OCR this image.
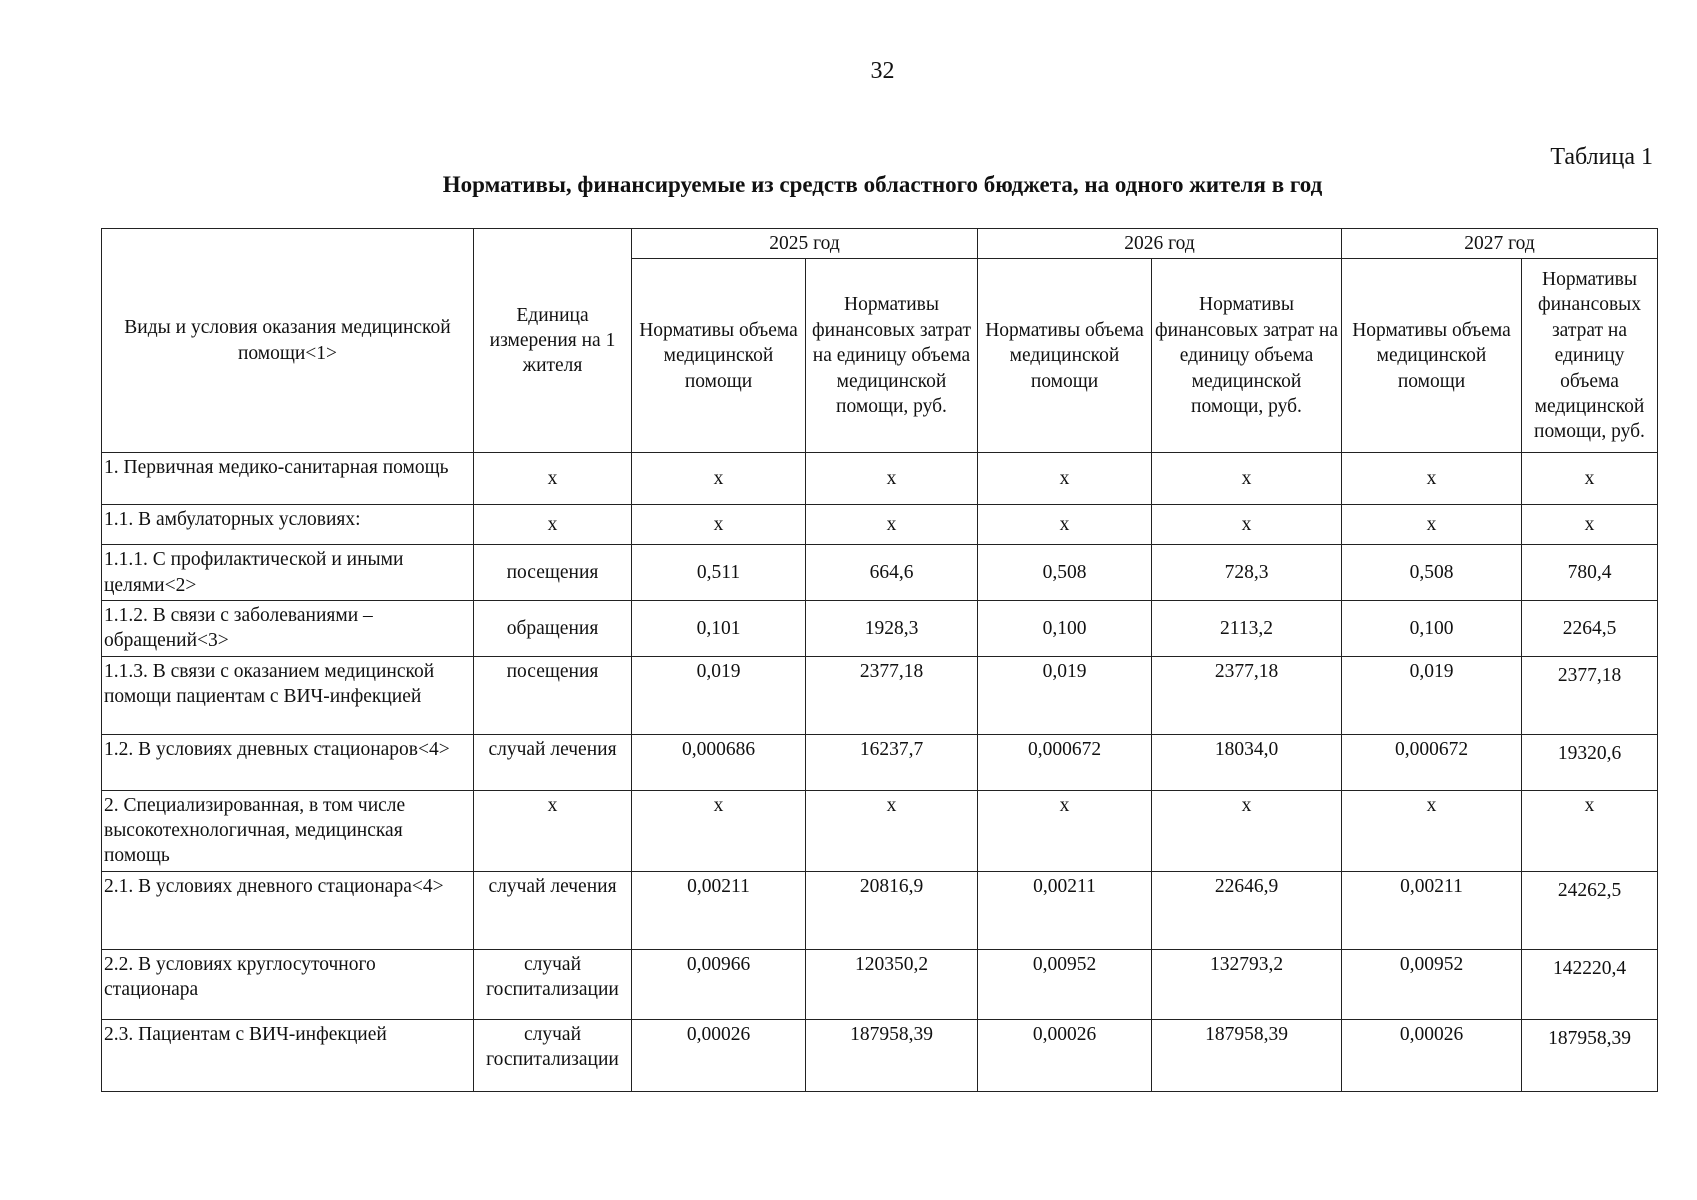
32
Таблица 1
Нормативы, финансируемые из средств областного бюджета, на одного жителя в год
Виды и условия оказания медицинской помощи<1>	Единица измерения на 1 жителя	2025 год		2026 год		2027 год	
		Нормативы объема медицинской помощи	Нормативы финансовых затрат на единицу объема медицинской помощи, руб.	Нормативы объема медицинской помощи	Нормативы финансовых затрат на единицу объема медицинской помощи, руб.	Нормативы объема медицинской помощи	Нормативы финансовых затрат на единицу объема медицинской помощи, руб.
1. Первичная медико-санитарная помощь	x	x	x	x	x	x	x
1.1. В амбулаторных условиях:	x	x	x	x	x	x	x
1.1.1. С профилактической и иными целями<2>	посещения	0,511	664,6	0,508	728,3	0,508	780,4
1.1.2. В связи с заболеваниями – обращений<3>	обращения	0,101	1928,3	0,100	2113,2	0,100	2264,5
1.1.3. В связи с оказанием медицинской помощи пациентам с ВИЧ-инфекцией	посещения	0,019	2377,18	0,019	2377,18	0,019	2377,18
1.2. В условиях дневных стационаров<4>	случай лечения	0,000686	16237,7	0,000672	18034,0	0,000672	19320,6
2. Специализированная, в том числе высокотехнологичная, медицинская помощь	x	x	x	x	x	x	x
2.1. В условиях дневного стационара<4>	случай лечения	0,00211	20816,9	0,00211	22646,9	0,00211	24262,5
2.2. В условиях круглосуточного стационара	случай госпитализации	0,00966	120350,2	0,00952	132793,2	0,00952	142220,4
2.3. Пациентам с ВИЧ-инфекцией	случай госпитализации	0,00026	187958,39	0,00026	187958,39	0,00026	187958,39
